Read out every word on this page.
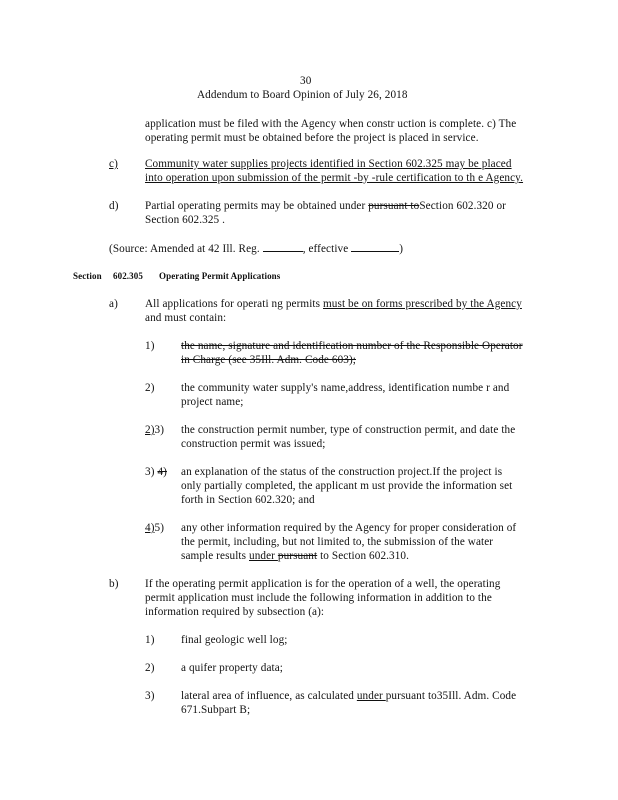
30
Addendum to Board Opinion of July 26, 2018
application must be filed with the Agency when constr uction is complete. c) The
operating permit must be obtained before the project is placed in service.
c) Community water supplies projects identified in Section 602.325 may be placed
into operation upon submission of the permit -by -rule certification to th e Agency.
d) Partial operating permits may be obtained under pursuant toSection 602.320 or
Section 602.325 .
(Source: Amended at 42 Ill. Reg.	, effective	)
Section 602.305 Operating Permit Applications
a) All applications for operati ng permits must be on forms prescribed by the Agency
and must contain:
1) the name, signature and identification number of the Responsible Operator
in Charge (see 35Ill. Adm. Code 603);
2) the community water supply's name,address, identification numbe r and
project name;
2)3) the construction permit number, type of construction permit, and date the
construction permit was issued;
3) 4) an explanation of the status of the construction project.If the project is
only partially completed, the applicant m ust provide the information set
forth in Section 602.320; and
4)5) any other information required by the Agency for proper consideration of
the permit, including, but not limited to, the submission of the water
sample results under pursuant to Section 602.310.
b) If the operating permit application is for the operation of a well, the operating
permit application must include the following information in addition to the
information required by subsection (a):
1) final geologic well log;
2) a quifer property data;
3) lateral area of influence, as calculated under pursuant to35Ill. Adm. Code
671.Subpart B;
